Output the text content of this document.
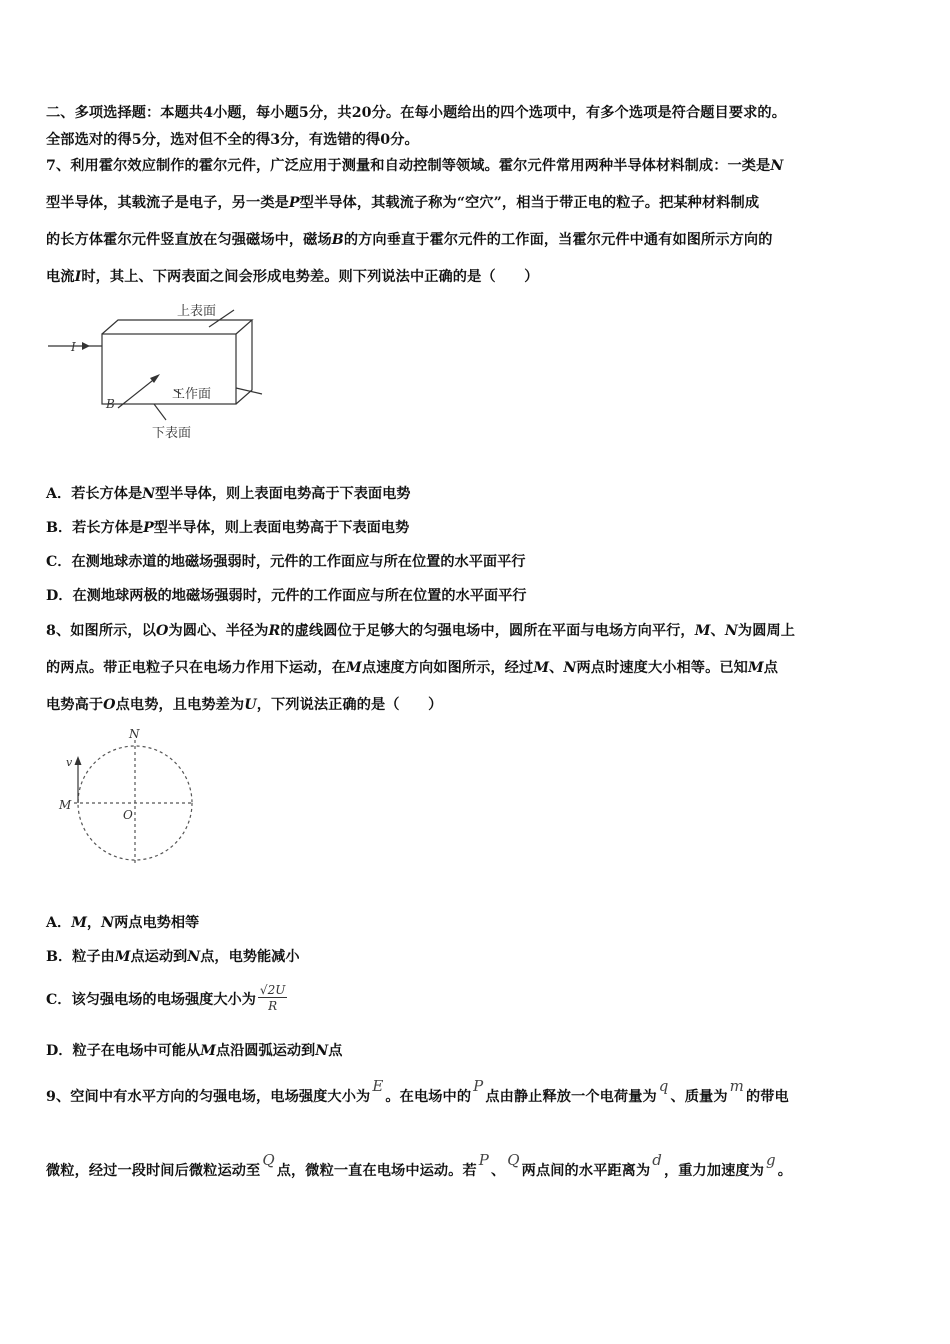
二、多项选择题：本题共4小题，每小题5分，共20分。在每小题给出的四个选项中，有多个选项是符合题目要求的。
全部选对的得5分，选对但不全的得3分，有选错的得0分。
7、利用霍尔效应制作的霍尔元件，广泛应用于测量和自动控制等领域。霍尔元件常用两种半导体材料制成：一类是N
型半导体，其载流子是电子，另一类是P型半导体，其载流子称为“空穴”，相当于带正电的粒子。把某种材料制成
的长方体霍尔元件竖直放在匀强磁场中，磁场B的方向垂直于霍尔元件的工作面，当霍尔元件中通有如图所示方向的
电流I时，其上、下两表面之间会形成电势差。则下列说法中正确的是（　　）
上表面
工作面
下表面
I
B
A．若长方体是N型半导体，则上表面电势高于下表面电势
B．若长方体是P型半导体，则上表面电势高于下表面电势
C．在测地球赤道的地磁场强弱时，元件的工作面应与所在位置的水平面平行
D．在测地球两极的地磁场强弱时，元件的工作面应与所在位置的水平面平行
8、如图所示，以O为圆心、半径为R的虚线圆位于足够大的匀强电场中，圆所在平面与电场方向平行，M、N为圆周上
的两点。带正电粒子只在电场力作用下运动，在M点速度方向如图所示，经过M、N两点时速度大小相等。已知M点
电势高于O点电势，且电势差为U，下列说法正确的是（　　）
N
M
O
v
A．M，N两点电势相等
B．粒子由M点运动到N点，电势能减小
C．该匀强电场的电场强度大小为 $\frac{√2U}{R}$
D．粒子在电场中可能从M点沿圆弧运动到N点
9、空间中有水平方向的匀强电场，电场强度大小为E。在电场中的P点由静止释放一个电荷量为q、质量为m的带电
微粒，经过一段时间后微粒运动至Q点，微粒一直在电场中运动。若P、Q两点间的水平距离为d，重力加速度为g。
